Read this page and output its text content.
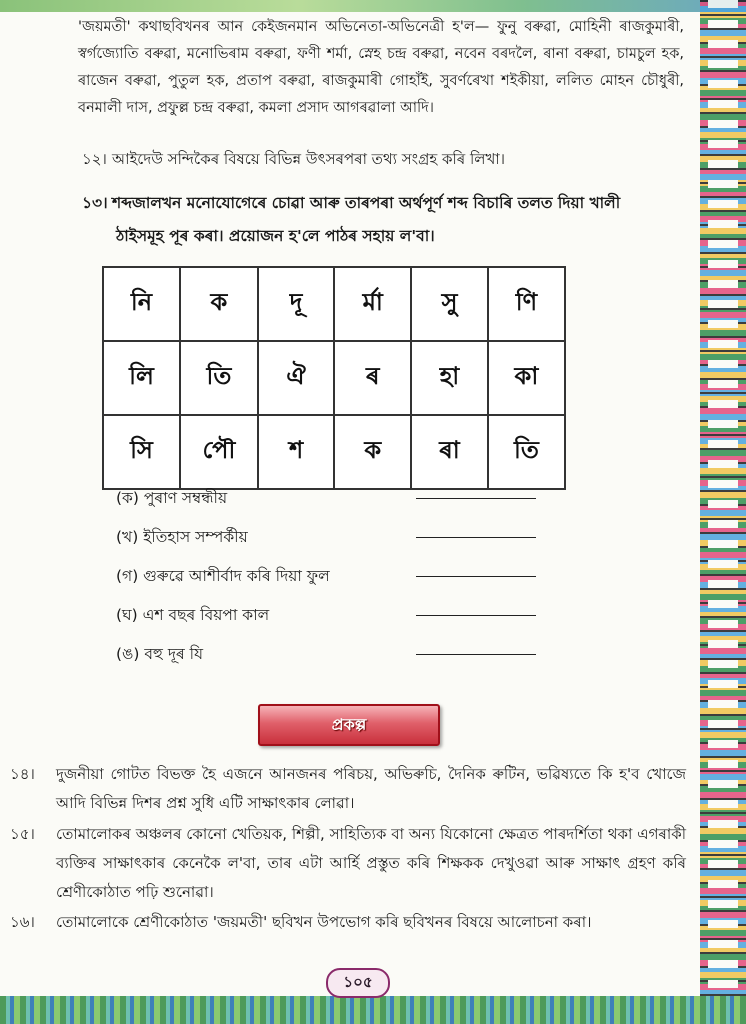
'জয়মতী' কথাছবিখনৰ আন কেইজনমান অভিনেতা-অভিনেত্ৰী হ'ল— ফুনু বৰুৱা, মোহিনী ৰাজকুমাৰী, স্বৰ্গজ্যোতি বৰুৱা, মনোভিৰাম বৰুৱা, ফণী শৰ্মা, স্নেহ চন্দ্ৰ বৰুৱা, নবেন বৰদলৈ, ৰানা বৰুৱা, চামচুল হক, ৰাজেন বৰুৱা, পুতুল হক, প্ৰতাপ বৰুৱা, ৰাজকুমাৰী গোহাঁই, সুবৰ্ণৰেখা শইকীয়া, ললিত মোহন চৌধুৰী, বনমালী দাস, প্ৰফুল্ল চন্দ্ৰ বৰুৱা, কমলা প্ৰসাদ আগৰৱালা আদি।

১২। আইদেউ সন্দিকৈৰ বিষয়ে বিভিন্ন উৎসৰপৰা তথ্য সংগ্ৰহ কৰি লিখা।
১৩। শব্দজালখন মনোযোগেৰে চোৱা আৰু তাৰপৰা অৰ্থপূৰ্ণ শব্দ বিচাৰি তলত দিয়া খালী
ঠাইসমূহ পূৰ কৰা। প্ৰয়োজন হ'লে পাঠৰ সহায় ল'বা।
নি	ক	দূ	ৰ্মা	সু	ণি
লি	তি	ঐ	ৰ	হা	কা
সি	পৌ	শ	ক	ৰা	তি
(ক) পুৰাণ সম্বন্ধীয়
(খ) ইতিহাস সম্পৰ্কীয়
(গ) গুৰুৱে আশীৰ্বাদ কৰি দিয়া ফুল
(ঘ) এশ বছৰ বিয়পা কাল
(ঙ) বহু দূৰ যি
প্ৰকল্প
১৪। দুজনীয়া গোটত বিভক্ত হৈ এজনে আনজনৰ পৰিচয়, অভিৰুচি, দৈনিক ৰুটিন, ভৱিষ্যতে কি হ'ব খোজে আদি বিভিন্ন দিশৰ প্ৰশ্ন সুধি এটি সাক্ষাৎকাৰ লোৱা।
১৫। তোমালোকৰ অঞ্চলৰ কোনো খেতিয়ক, শিল্পী, সাহিত্যিক বা অন্য যিকোনো ক্ষেত্ৰত পাৰদৰ্শিতা থকা এগৰাকী ব্যক্তিৰ সাক্ষাৎকাৰ কেনেকৈ ল'বা, তাৰ এটা আৰ্হি প্ৰস্তুত কৰি শিক্ষকক দেখুওৱা আৰু সাক্ষাৎ গ্ৰহণ কৰি শ্ৰেণীকোঠাত পঢ়ি শুনোৱা।
১৬। তোমালোকে শ্ৰেণীকোঠাত 'জয়মতী' ছবিখন উপভোগ কৰি ছবিখনৰ বিষয়ে আলোচনা কৰা।
১০৫
